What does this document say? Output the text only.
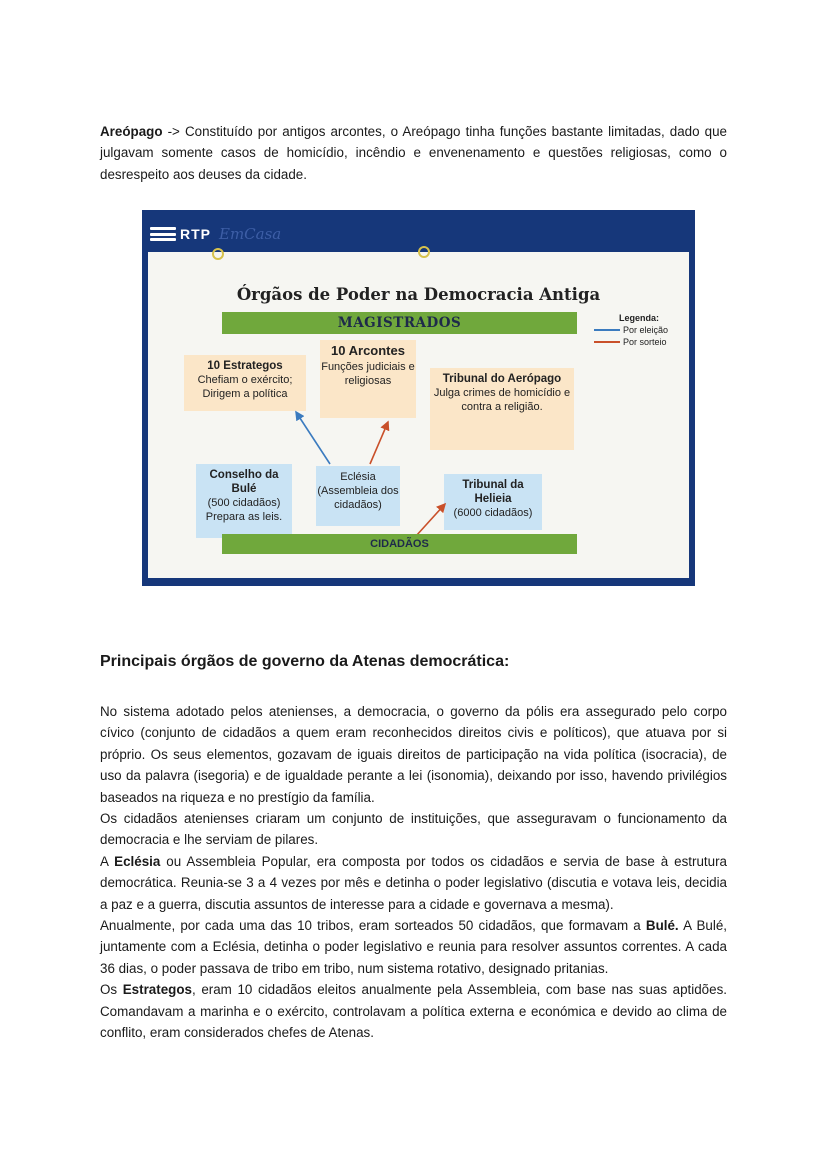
Areópago -> Constituído por antigos arcontes, o Areópago tinha funções bastante limitadas, dado que julgavam somente casos de homicídio, incêndio e envenenamento e questões religiosas, como o desrespeito aos deuses da cidade.

RTP EmCasa
Órgãos de Poder na Democracia Antiga
MAGISTRADOS	Legenda:
Por eleição
Por sorteio
10 Estrategos
Chefiam o exército; Dirigem a política
10 Arcontes
Funções judiciais e religiosas	Tribunal do Aerópago
Julga crimes de homicídio e contra a religião.
Conselho da Bulé
(500 cidadãos) Prepara as leis.
Eclésia
(Assembleia dos cidadãos)
Tribunal da Helieia
(6000 cidadãos)
CIDADÃOS
Principais órgãos de governo da Atenas democrática:

No sistema adotado pelos atenienses, a democracia, o governo da pólis era assegurado pelo corpo cívico (conjunto de cidadãos a quem eram reconhecidos direitos civis e políticos), que atuava por si próprio. Os seus elementos, gozavam de iguais direitos de participação na vida política (isocracia), de uso da palavra (isegoria) e de igualdade perante a lei (isonomia), deixando por isso, havendo privilégios baseados na riqueza e no prestígio da família.

Os cidadãos atenienses criaram um conjunto de instituições, que asseguravam o funcionamento da democracia e lhe serviam de pilares.

A Eclésia ou Assembleia Popular, era composta por todos os cidadãos e servia de base à estrutura democrática. Reunia-se 3 a 4 vezes por mês e detinha o poder legislativo (discutia e votava leis, decidia a paz e a guerra, discutia assuntos de interesse para a cidade e governava a mesma).

Anualmente, por cada uma das 10 tribos, eram sorteados 50 cidadãos, que formavam a Bulé. A Bulé, juntamente com a Eclésia, detinha o poder legislativo e reunia para resolver assuntos correntes. A cada 36 dias, o poder passava de tribo em tribo, num sistema rotativo, designado pritanias.

Os Estrategos, eram 10 cidadãos eleitos anualmente pela Assembleia, com base nas suas aptidões. Comandavam a marinha e o exército, controlavam a política externa e económica e devido ao clima de conflito, eram considerados chefes de Atenas.
